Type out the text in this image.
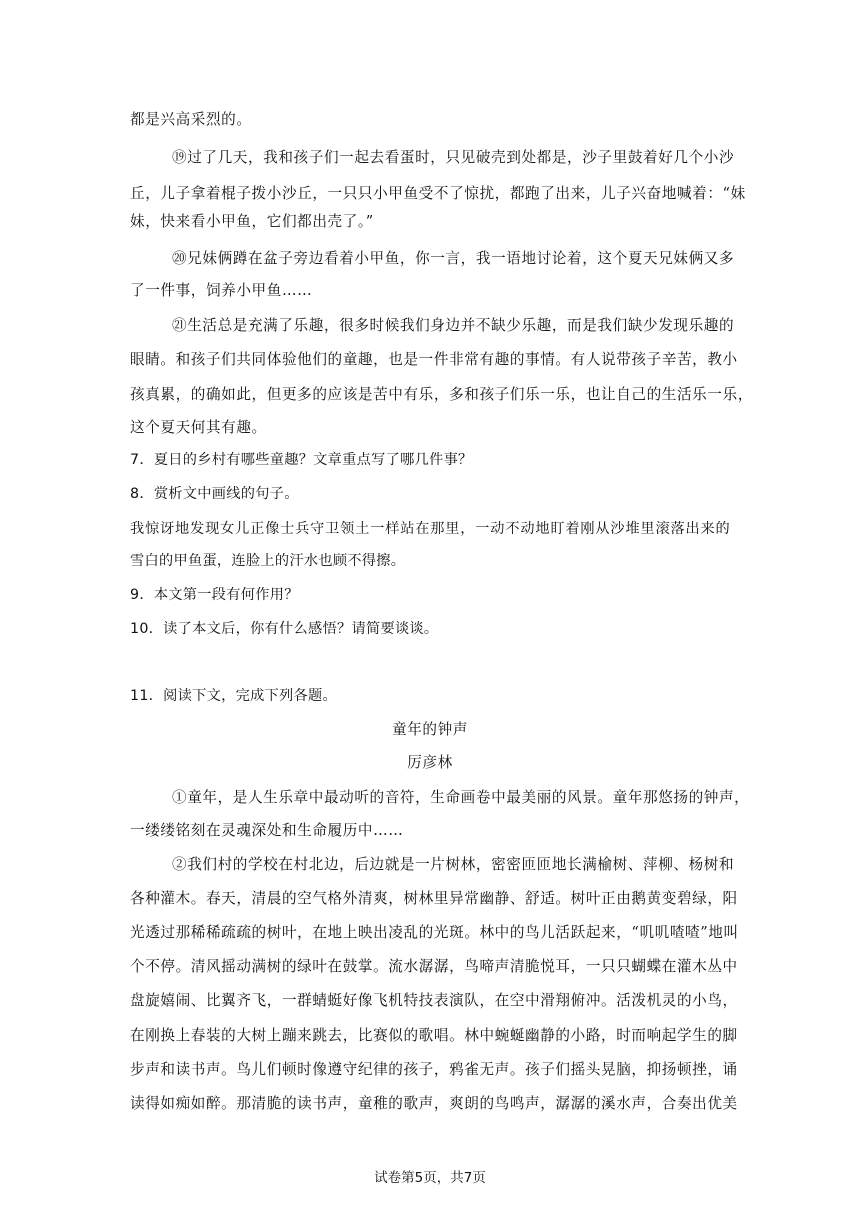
都是兴高采烈的。
⑲过了几天，我和孩子们一起去看蛋时，只见破壳到处都是，沙子里鼓着好几个小沙
丘，儿子拿着棍子拨小沙丘，一只只小甲鱼受不了惊扰，都跑了出来，儿子兴奋地喊着：“妹
妹，快来看小甲鱼，它们都出壳了。”
⑳兄妹俩蹲在盆子旁边看着小甲鱼，你一言，我一语地讨论着，这个夏天兄妹俩又多
了一件事，饲养小甲鱼……
㉑生活总是充满了乐趣，很多时候我们身边并不缺少乐趣，而是我们缺少发现乐趣的
眼睛。和孩子们共同体验他们的童趣，也是一件非常有趣的事情。有人说带孩子辛苦，教小
孩真累，的确如此，但更多的应该是苦中有乐，多和孩子们乐一乐，也让自己的生活乐一乐，
这个夏天何其有趣。
7．夏日的乡村有哪些童趣？文章重点写了哪几件事？
8．赏析文中画线的句子。
我惊讶地发现女儿正像士兵守卫领土一样站在那里，一动不动地盯着刚从沙堆里滚落出来的
雪白的甲鱼蛋，连脸上的汗水也顾不得擦。
9．本文第一段有何作用？
10．读了本文后，你有什么感悟？请简要谈谈。
11．阅读下文，完成下列各题。
童年的钟声
厉彦林
①童年，是人生乐章中最动听的音符，生命画卷中最美丽的风景。童年那悠扬的钟声，
一缕缕铭刻在灵魂深处和生命履历中……
②我们村的学校在村北边，后边就是一片树林，密密匝匝地长满榆树、萍柳、杨树和
各种灌木。春天，清晨的空气格外清爽，树林里异常幽静、舒适。树叶正由鹅黄变碧绿，阳
光透过那稀稀疏疏的树叶，在地上映出凌乱的光斑。林中的鸟儿活跃起来，“叽叽喳喳”地叫
个不停。清风摇动满树的绿叶在鼓掌。流水潺潺，鸟啼声清脆悦耳，一只只蝴蝶在灌木丛中
盘旋嬉闹、比翼齐飞，一群蜻蜓好像飞机特技表演队，在空中滑翔俯冲。活泼机灵的小鸟，
在刚换上春装的大树上蹦来跳去，比赛似的歌唱。林中蜿蜒幽静的小路，时而响起学生的脚
步声和读书声。鸟儿们顿时像遵守纪律的孩子，鸦雀无声。孩子们摇头晃脑，抑扬顿挫，诵
读得如痴如醉。那清脆的读书声，童稚的歌声，爽朗的鸟鸣声，潺潺的溪水声，合奏出优美
试卷第5页，共7页
